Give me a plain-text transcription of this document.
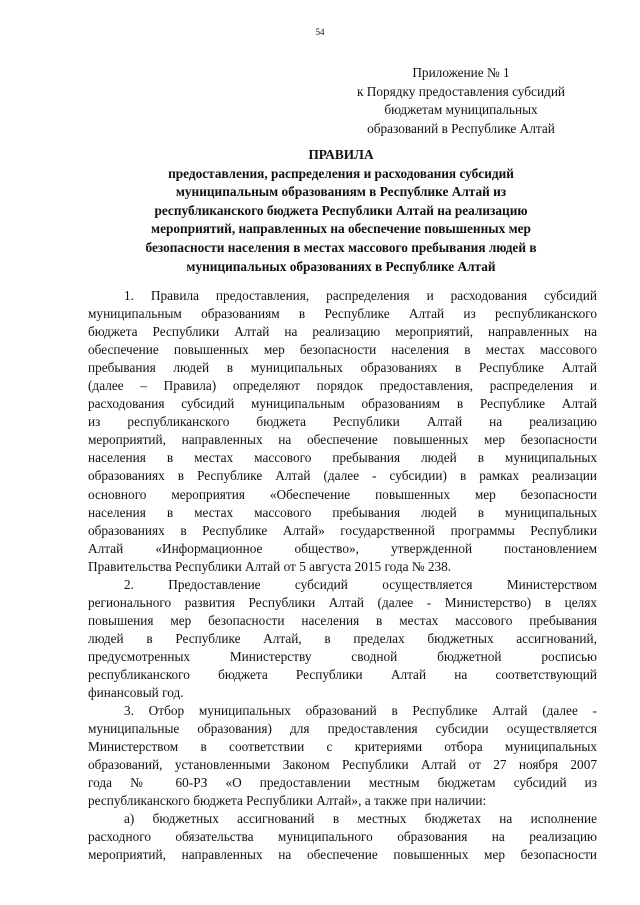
54
Приложение № 1
к Порядку предоставления субсидий
бюджетам муниципальных
образований в Республике Алтай
ПРАВИЛА
предоставления, распределения и расходования субсидий
муниципальным образованиям в Республике Алтай из
республиканского бюджета Республики Алтай на реализацию
мероприятий, направленных на обеспечение повышенных мер
безопасности населения в местах массового пребывания людей в
муниципальных образованиях в Республике Алтай
1. Правила предоставления, распределения и расходования субсидий
муниципальным образованиям в Республике Алтай из республиканского
бюджета Республики Алтай на реализацию мероприятий, направленных на
обеспечение повышенных мер безопасности населения в местах массового
пребывания людей в муниципальных образованиях в Республике Алтай
(далее – Правила) определяют порядок предоставления, распределения и
расходования субсидий муниципальным образованиям в Республике Алтай
из республиканского бюджета Республики Алтай на реализацию
мероприятий, направленных на обеспечение повышенных мер безопасности
населения в местах массового пребывания людей в муниципальных
образованиях в Республике Алтай (далее - субсидии) в рамках реализации
основного мероприятия «Обеспечение повышенных мер безопасности
населения в местах массового пребывания людей в муниципальных
образованиях в Республике Алтай» государственной программы Республики
Алтай «Информационное общество», утвержденной постановлением
Правительства Республики Алтай от 5 августа 2015 года № 238.
2. Предоставление субсидий осуществляется Министерством
регионального развития Республики Алтай (далее - Министерство) в целях
повышения мер безопасности населения в местах массового пребывания
людей в Республике Алтай, в пределах бюджетных ассигнований,
предусмотренных Министерству сводной бюджетной росписью
республиканского бюджета Республики Алтай на соответствующий
финансовый год.
3. Отбор муниципальных образований в Республике Алтай (далее -
муниципальные образования) для предоставления субсидии осуществляется
Министерством в соответствии с критериями отбора муниципальных
образований, установленными Законом Республики Алтай от 27 ноября 2007
года № 60-РЗ «О предоставлении местным бюджетам субсидий из
республиканского бюджета Республики Алтай», а также при наличии:
а) бюджетных ассигнований в местных бюджетах на исполнение
расходного обязательства муниципального образования на реализацию
мероприятий, направленных на обеспечение повышенных мер безопасности
